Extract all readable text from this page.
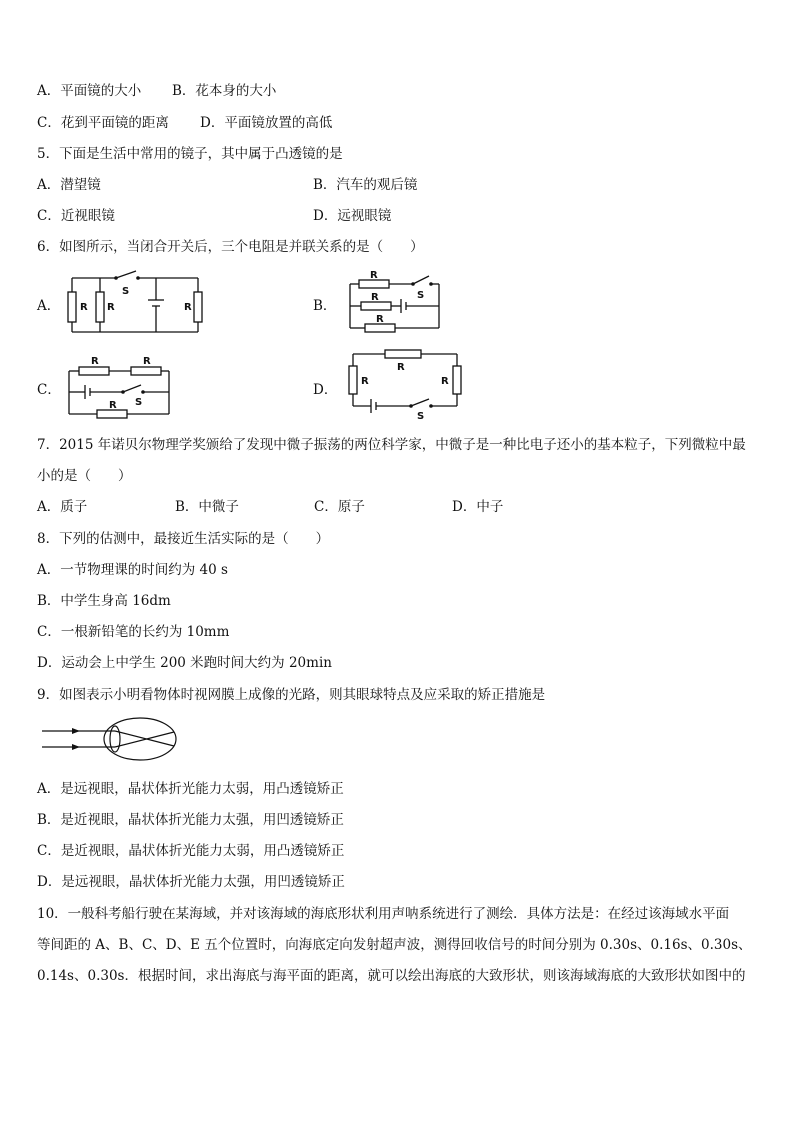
A．平面镜的大小 B．花本身的大小
C．花到平面镜的距离 D．平面镜放置的高低
5．下面是生活中常用的镜子，其中属于凸透镜的是
A．潜望镜	B．汽车的观后镜
C．近视眼镜	D．远视眼镜
6．如图所示，当闭合开关后，三个电阻是并联关系的是（　　）
A． R R
S
R	B．
R
R	S
R
C．
R	R
S
R
D．
R
R	R
S
7．2015 年诺贝尔物理学奖颁给了发现中微子振荡的两位科学家，中微子是一种比电子还小的基本粒子，下列微粒中最
小的是（　　）
A．质子	B．中微子	C．原子	D．中子
8．下列的估测中，最接近生活实际的是（　　）
A．一节物理课的时间约为 40 s
B．中学生身高 16dm
C．一根新铅笔的长约为 10mm
D．运动会上中学生 200 米跑时间大约为 20min
9．如图表示小明看物体时视网膜上成像的光路，则其眼球特点及应采取的矫正措施是
A．是远视眼，晶状体折光能力太弱，用凸透镜矫正
B．是近视眼，晶状体折光能力太强，用凹透镜矫正
C．是近视眼，晶状体折光能力太弱，用凸透镜矫正
D．是远视眼，晶状体折光能力太强，用凹透镜矫正
10．一般科考船行驶在某海域，并对该海域的海底形状利用声呐系统进行了测绘．具体方法是：在经过该海域水平面
等间距的 A、B、C、D、E 五个位置时，向海底定向发射超声波，测得回收信号的时间分别为 0.30s、0.16s、0.30s、
0.14s、0.30s．根据时间，求出海底与海平面的距离，就可以绘出海底的大致形状，则该海域海底的大致形状如图中的
